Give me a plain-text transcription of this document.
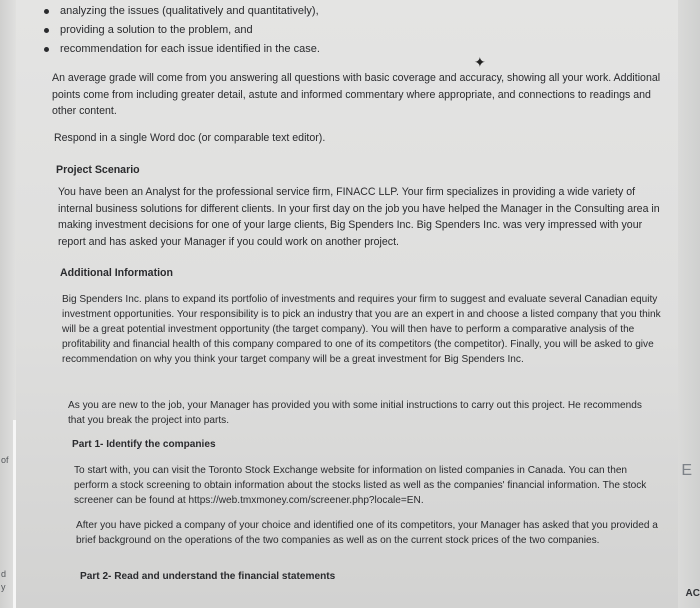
of
d
y
E
AC
analyzing the issues (qualitatively and quantitatively),
providing a solution to the problem, and
recommendation for each issue identified in the case.

An average grade will come from you answering all questions with basic coverage and accuracy, showing all your work. Additional points come from including greater detail, astute and informed commentary where appropriate, and connections to readings and other content.

Respond in a single Word doc (or comparable text editor).

Project Scenario

You have been an Analyst for the professional service firm, FINACC LLP. Your firm specializes in providing a wide variety of internal business solutions for different clients. In your first day on the job you have helped the Manager in the Consulting area in making investment decisions for one of your large clients, Big Spenders Inc. Big Spenders Inc. was very impressed with your report and has asked your Manager if you could work on another project.

Additional Information

Big Spenders Inc. plans to expand its portfolio of investments and requires your firm to suggest and evaluate several Canadian equity investment opportunities. Your responsibility is to pick an industry that you are an expert in and choose a listed company that you think will be a great potential investment opportunity (the target company). You will then have to perform a comparative analysis of the profitability and financial health of this company compared to one of its competitors (the competitor). Finally, you will be asked to give recommendation on why you think your target company will be a great investment for Big Spenders Inc.

As you are new to the job, your Manager has provided you with some initial instructions to carry out this project. He recommends that you break the project into parts.

Part 1- Identify the companies

To start with, you can visit the Toronto Stock Exchange website for information on listed companies in Canada. You can then perform a stock screening to obtain information about the stocks listed as well as the companies' financial information. The stock screener can be found at https://web.tmxmoney.com/screener.php?locale=EN.

After you have picked a company of your choice and identified one of its competitors, your Manager has asked that you provided a brief background on the operations of the two companies as well as on the current stock prices of the two companies.

Part 2- Read and understand the financial statements

✦
